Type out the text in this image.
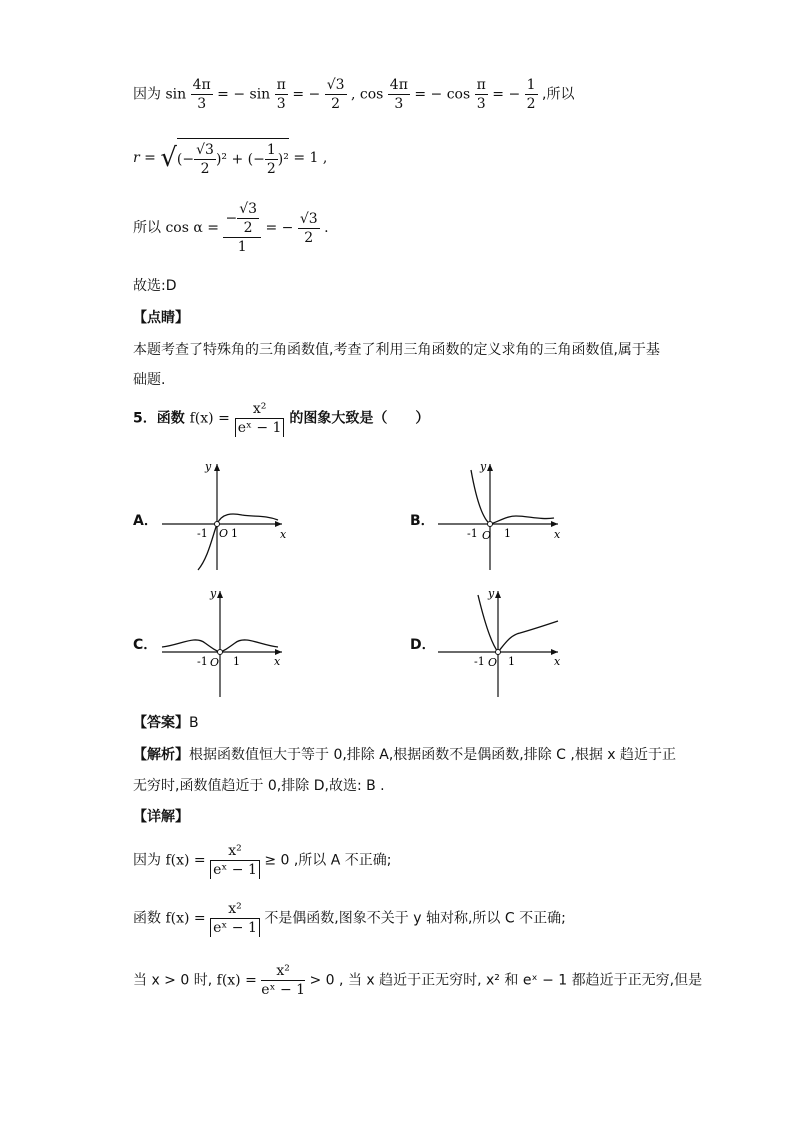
因为 $\sin \frac{4\pi}{3}$ = − $\sin \frac{\pi}{3}$ = − $\frac{√3}{2}$ , $\cos \frac{4\pi}{3}$ = − $\cos \frac{\pi}{3}$ = − $\frac{1}{2}$ ,所以
r = √(− $\frac{√3}{2} )^2$ + (− $\frac{1}{2} )^2 = 1$ ,
所以 $\cos \alpha = \frac{- \frac{√3}{2}}{1}$ = − $\frac{√3}{2}$ .
故选:D
【点睛】
本题考查了特殊角的三角函数值,考查了利用三角函数的定义求角的三角函数值,属于基
础题.
5．函数 $f(x) = \frac{\text{x²}}{\text{eˣ − 1}}$ 的图象大致是（　　）
A．	B．
C．	D．
x
y
-1 O 1	x
y
-1 O 1
x
y
-1 O 1	x
y
-1 O 1
【答案】B
【解析】根据函数值恒大于等于 0,排除 A,根据函数不是偶函数,排除 C ,根据 x 趋近于正
无穷时,函数值趋近于 0,排除 D,故选: B .
【详解】
因为 $f(x) = \frac{\text{x²}}{\text{eˣ − 1}} \ge 0$ ,所以 A 不正确;
函数 $f(x) = \frac{\text{x²}}{\text{eˣ − 1}}$ 不是偶函数,图象不关于 y 轴对称,所以 C 不正确;
当 x > 0 时, $f(x) = \frac{\text{x²}}{\text{eˣ − 1}} > 0$ , 当 x 趋近于正无穷时, x² 和 eˣ − 1 都趋近于正无穷,但是
